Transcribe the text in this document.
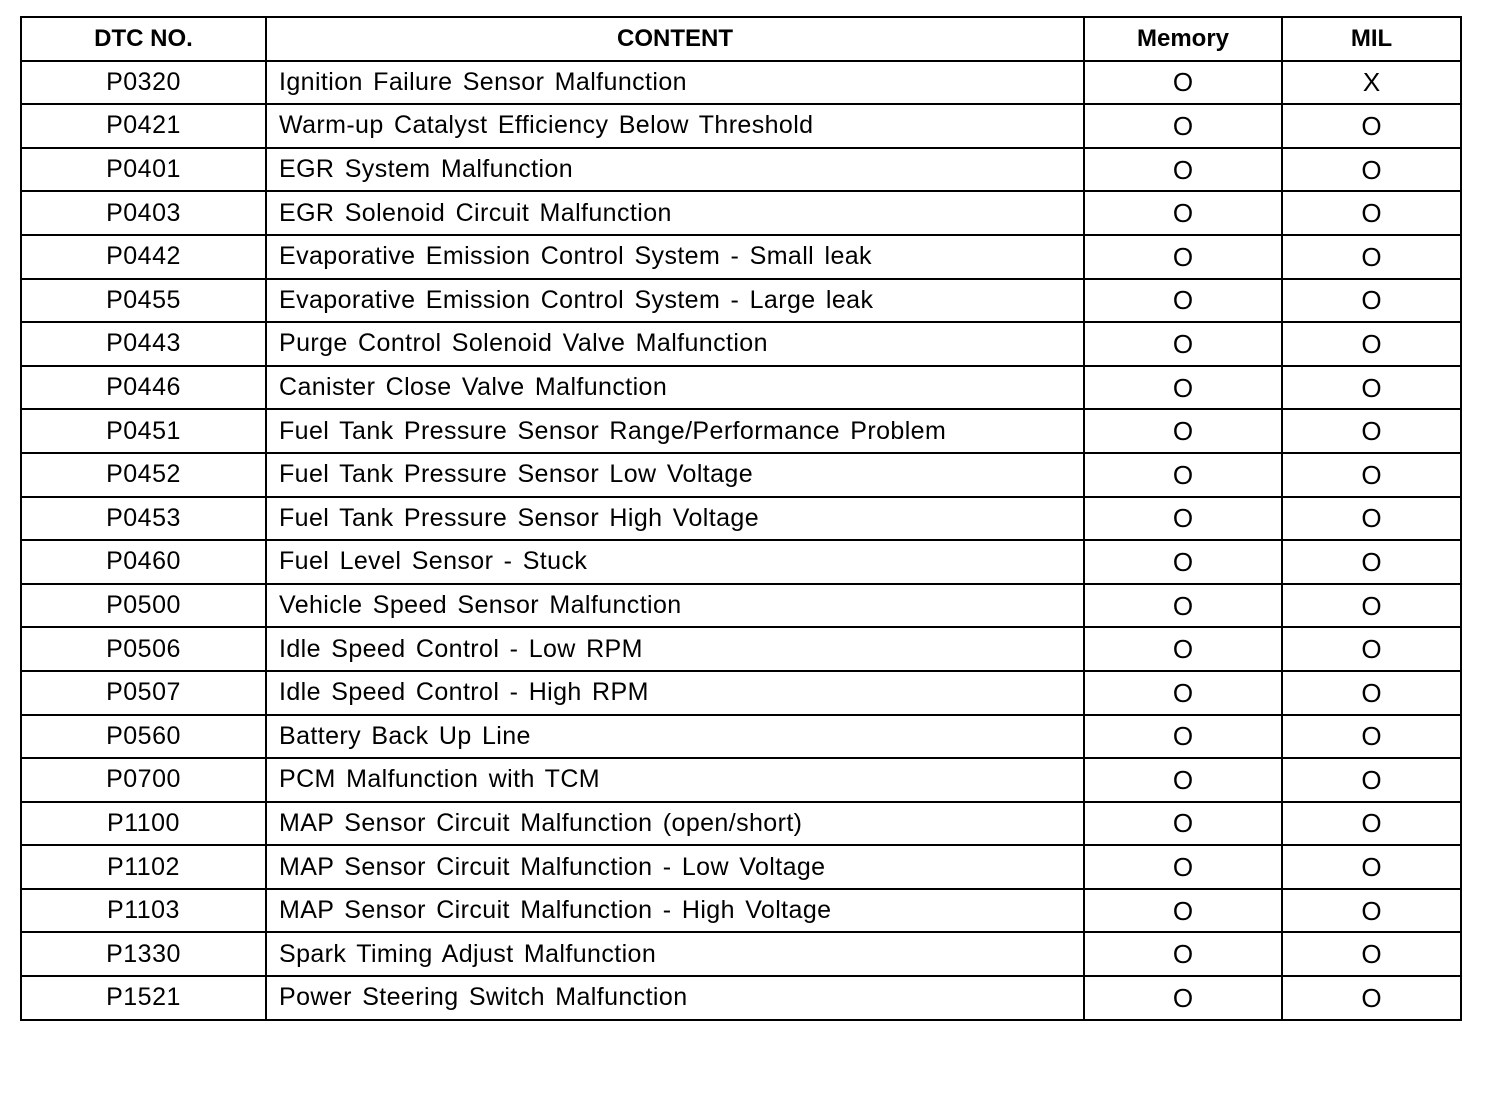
DTC NO.	CONTENT	Memory	MIL
P0320	Ignition Failure Sensor Malfunction	O	X
P0421	Warm-up Catalyst Efficiency Below Threshold	O	O
P0401	EGR System Malfunction	O	O
P0403	EGR Solenoid Circuit Malfunction	O	O
P0442	Evaporative Emission Control System - Small leak	O	O
P0455	Evaporative Emission Control System - Large leak	O	O
P0443	Purge Control Solenoid Valve Malfunction	O	O
P0446	Canister Close Valve Malfunction	O	O
P0451	Fuel Tank Pressure Sensor Range/Performance Problem	O	O
P0452	Fuel Tank Pressure Sensor Low Voltage	O	O
P0453	Fuel Tank Pressure Sensor High Voltage	O	O
P0460	Fuel Level Sensor - Stuck	O	O
P0500	Vehicle Speed Sensor Malfunction	O	O
P0506	Idle Speed Control - Low RPM	O	O
P0507	Idle Speed Control - High RPM	O	O
P0560	Battery Back Up Line	O	O
P0700	PCM Malfunction with TCM	O	O
P1100	MAP Sensor Circuit Malfunction (open/short)	O	O
P1102	MAP Sensor Circuit Malfunction - Low Voltage	O	O
P1103	MAP Sensor Circuit Malfunction - High Voltage	O	O
P1330	Spark Timing Adjust Malfunction	O	O
P1521	Power Steering Switch Malfunction	O	O
